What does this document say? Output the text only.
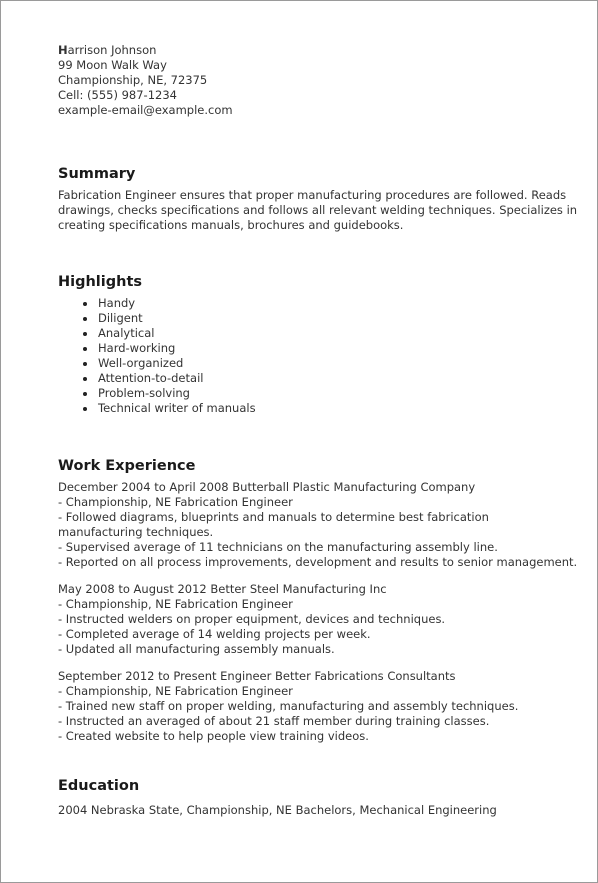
Harrison Johnson
99 Moon Walk Way
Championship, NE, 72375
Cell: (555) 987-1234
example-email@example.com
Summary
Fabrication Engineer ensures that proper manufacturing procedures are followed. Reads drawings, checks specifications and follows all relevant welding techniques. Specializes in creating specifications manuals, brochures and guidebooks.
Highlights
Handy
Diligent
Analytical
Hard-working
Well-organized
Attention-to-detail
Problem-solving
Technical writer of manuals
Work Experience
December 2004 to April 2008 Butterball Plastic Manufacturing Company
- Championship, NE Fabrication Engineer
- Followed diagrams, blueprints and manuals to determine best fabrication manufacturing techniques.
- Supervised average of 11 technicians on the manufacturing assembly line.
- Reported on all process improvements, development and results to senior management.
May 2008 to August 2012 Better Steel Manufacturing Inc
- Championship, NE Fabrication Engineer
- Instructed welders on proper equipment, devices and techniques.
- Completed average of 14 welding projects per week.
- Updated all manufacturing assembly manuals.
September 2012 to Present Engineer Better Fabrications Consultants
- Championship, NE Fabrication Engineer
- Trained new staff on proper welding, manufacturing and assembly techniques.
- Instructed an averaged of about 21 staff member during training classes.
- Created website to help people view training videos.
Education
2004 Nebraska State, Championship, NE Bachelors, Mechanical Engineering
